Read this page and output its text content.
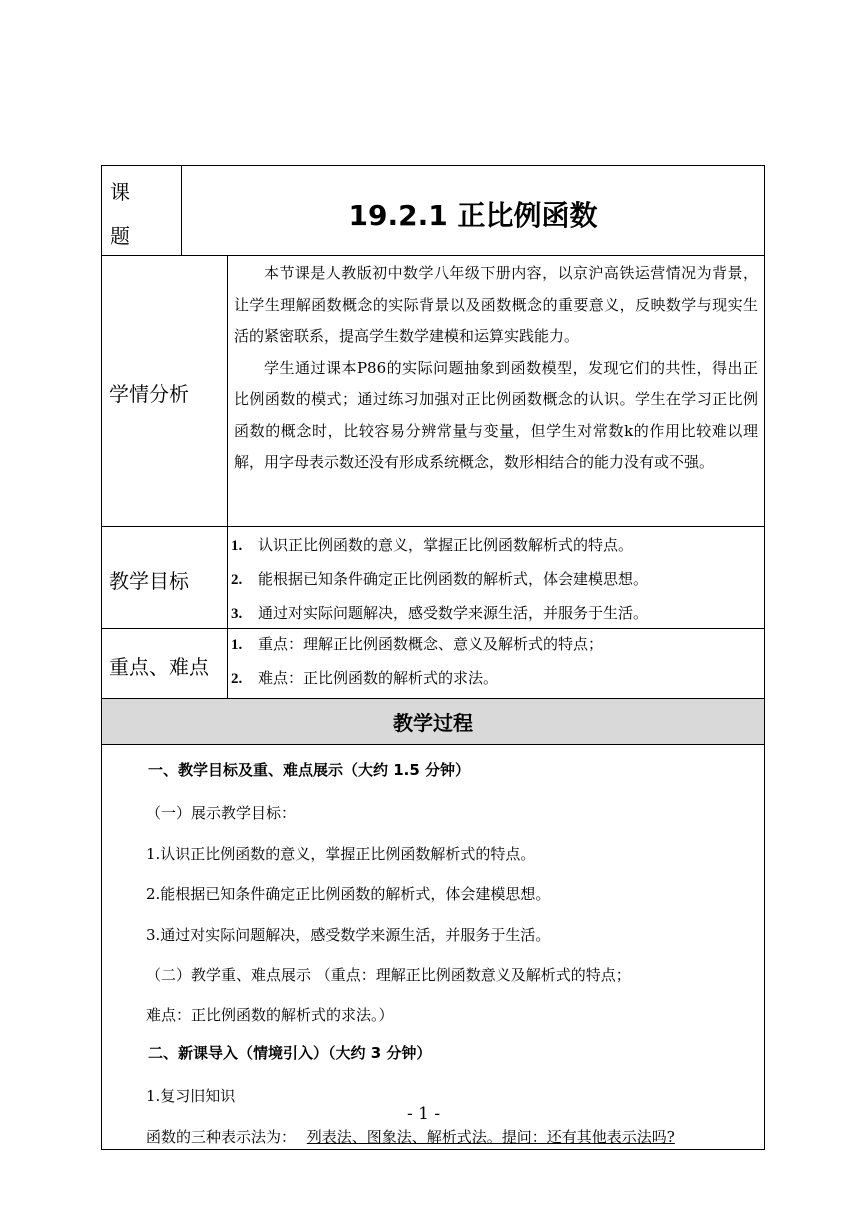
课
题
19.2.1 正比例函数
学情分析

本节课是人教版初中数学八年级下册内容，以京沪高铁运营情况为背景，让学生理解函数概念的实际背景以及函数概念的重要意义，反映数学与现实生活的紧密联系，提高学生数学建模和运算实践能力。

学生通过课本P86的实际问题抽象到函数模型，发现它们的共性，得出正比例函数的模式；通过练习加强对正比例函数概念的认识。学生在学习正比例函数的概念时，比较容易分辨常量与变量，但学生对常数k的作用比较难以理解，用字母表示数还没有形成系统概念，数形相结合的能力没有或不强。

教学目标
1. 认识正比例函数的意义，掌握正比例函数解析式的特点。
2. 能根据已知条件确定正比例函数的解析式，体会建模思想。
3. 通过对实际问题解决，感受数学来源生活，并服务于生活。
重点、难点
1. 重点：理解正比例函数概念、意义及解析式的特点；
2. 难点：正比例函数的解析式的求法。
教学过程
一、教学目标及重、难点展示（大约 1.5 分钟）
（一）展示教学目标：
1.认识正比例函数的意义，掌握正比例函数解析式的特点。
2.能根据已知条件确定正比例函数的解析式，体会建模思想。
3.通过对实际问题解决，感受数学来源生活，并服务于生活。
（二）教学重、难点展示 （重点：理解正比例函数意义及解析式的特点；
难点：正比例函数的解析式的求法。）
二、新课导入（情境引入）（大约 3 分钟）
1.复习旧知识
- 1 -
函数的三种表示法为： 列表法、图象法、解析式法。提问：还有其他表示法吗?
